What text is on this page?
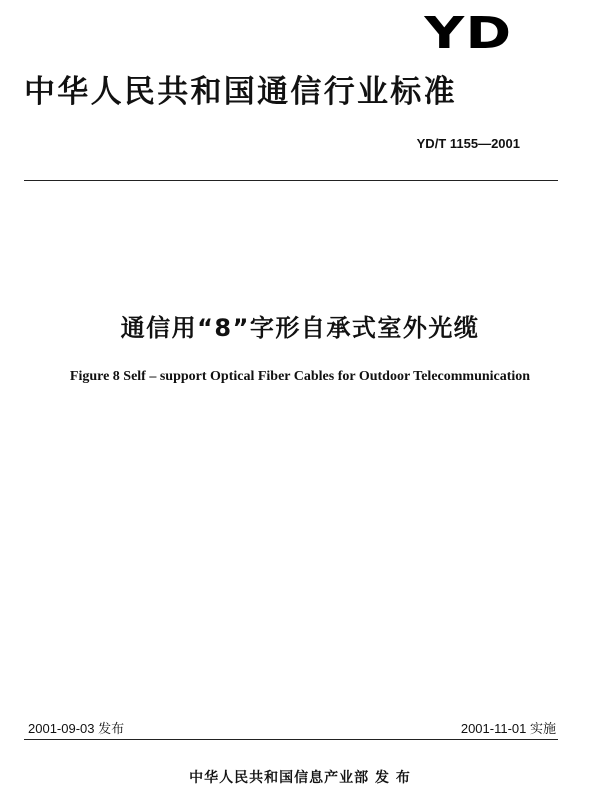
YD
中华人民共和国通信行业标准
YD/T 1155—2001
通信用“8”字形自承式室外光缆
Figure 8 Self – support Optical Fiber Cables for Outdoor Telecommunication
2001-09-03 发布	2001-11-01 实施
中华人民共和国信息产业部 发 布
